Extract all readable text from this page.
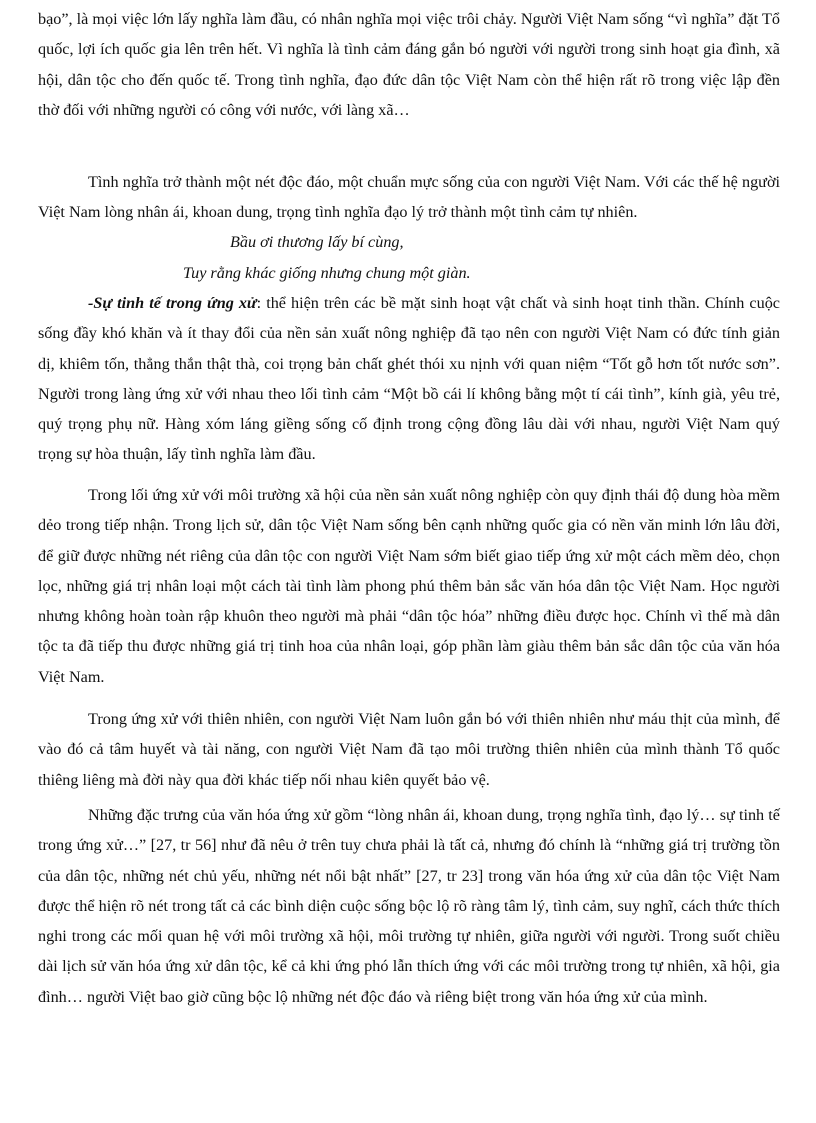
bạo”, là mọi việc lớn lấy nghĩa làm đầu, có nhân nghĩa mọi việc trôi chảy. Người Việt Nam sống “vì nghĩa” đặt Tổ quốc, lợi ích quốc gia lên trên hết. Vì nghĩa là tình cảm đáng gắn bó người với người trong sinh hoạt gia đình, xã hội, dân tộc cho đến quốc tế. Trong tình nghĩa, đạo đức dân tộc Việt Nam còn thể hiện rất rõ trong việc lập đền thờ đối với những người có công với nước, với làng xã…

Tình nghĩa trở thành một nét độc đáo, một chuẩn mực sống của con người Việt Nam. Với các thế hệ người Việt Nam lòng nhân ái, khoan dung, trọng tình nghĩa đạo lý trở thành một tình cảm tự nhiên.

Bầu ơi thương lấy bí cùng,

Tuy rằng khác giống nhưng chung một giàn.

-Sự tinh tế trong ứng xử: thể hiện trên các bề mặt sinh hoạt vật chất và sinh hoạt tinh thần. Chính cuộc sống đầy khó khăn và ít thay đổi của nền sản xuất nông nghiệp đã tạo nên con người Việt Nam có đức tính giản dị, khiêm tốn, thẳng thắn thật thà, coi trọng bản chất ghét thói xu nịnh với quan niệm “Tốt gỗ hơn tốt nước sơn”. Người trong làng ứng xử với nhau theo lối tình cảm “Một bồ cái lí không bằng một tí cái tình”, kính già, yêu trẻ, quý trọng phụ nữ. Hàng xóm láng giềng sống cố định trong cộng đồng lâu dài với nhau, người Việt Nam quý trọng sự hòa thuận, lấy tình nghĩa làm đầu.

Trong lối ứng xử với môi trường xã hội của nền sản xuất nông nghiệp còn quy định thái độ dung hòa mềm dẻo trong tiếp nhận. Trong lịch sử, dân tộc Việt Nam sống bên cạnh những quốc gia có nền văn minh lớn lâu đời, để giữ được những nét riêng của dân tộc con người Việt Nam sớm biết giao tiếp ứng xử một cách mềm dẻo, chọn lọc, những giá trị nhân loại một cách tài tình làm phong phú thêm bản sắc văn hóa dân tộc Việt Nam. Học người nhưng không hoàn toàn rập khuôn theo người mà phải “dân tộc hóa” những điều được học. Chính vì thế mà dân tộc ta đã tiếp thu được những giá trị tinh hoa của nhân loại, góp phần làm giàu thêm bản sắc dân tộc của văn hóa Việt Nam.

Trong ứng xử với thiên nhiên, con người Việt Nam luôn gắn bó với thiên nhiên như máu thịt của mình, để vào đó cả tâm huyết và tài năng, con người Việt Nam đã tạo môi trường thiên nhiên của mình thành Tổ quốc thiêng liêng mà đời này qua đời khác tiếp nối nhau kiên quyết bảo vệ.

Những đặc trưng của văn hóa ứng xử gồm “lòng nhân ái, khoan dung, trọng nghĩa tình, đạo lý… sự tinh tế trong ứng xử…” [27, tr 56] như đã nêu ở trên tuy chưa phải là tất cả, nhưng đó chính là “những giá trị trường tồn của dân tộc, những nét chủ yếu, những nét nổi bật nhất” [27, tr 23] trong văn hóa ứng xử của dân tộc Việt Nam được thể hiện rõ nét trong tất cả các bình diện cuộc sống bộc lộ rõ ràng tâm lý, tình cảm, suy nghĩ, cách thức thích nghi trong các mối quan hệ với môi trường xã hội, môi trường tự nhiên, giữa người với người. Trong suốt chiều dài lịch sử văn hóa ứng xử dân tộc, kể cả khi ứng phó lẫn thích ứng với các môi trường trong tự nhiên, xã hội, gia đình… người Việt bao giờ cũng bộc lộ những nét độc đáo và riêng biệt trong văn hóa ứng xử của mình.
